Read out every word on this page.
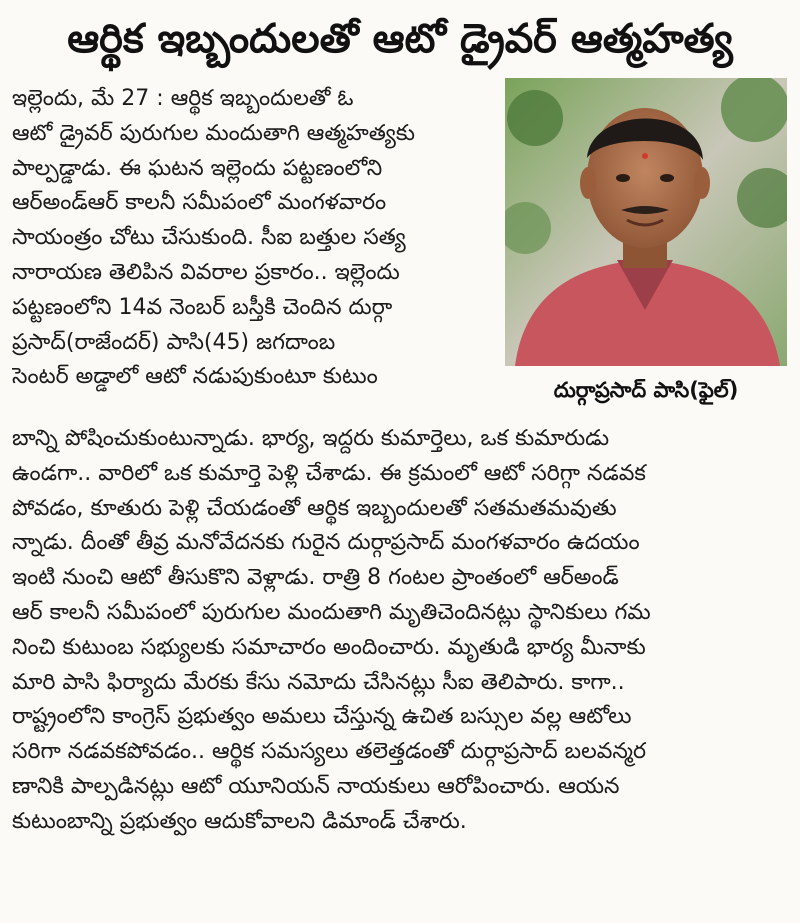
ఆర్థిక ఇబ్బందులతో ఆటో డ్రైవర్ ఆత్మహత్య
ఇల్లెందు, మే 27 : ఆర్థిక ఇబ్బందులతో ఓ
ఆటో డ్రైవర్ పురుగుల మందుతాగి ఆత్మహత్యకు
పాల్పడ్డాడు. ఈ ఘటన ఇల్లెందు పట్టణంలోని
ఆర్అండ్ఆర్ కాలనీ సమీపంలో మంగళవారం
సాయంత్రం చోటు చేసుకుంది. సీఐ బత్తుల సత్య
నారాయణ తెలిపిన వివరాల ప్రకారం.. ఇల్లెందు
పట్టణంలోని 14వ నెంబర్ బస్తీకి చెందిన దుర్గా
ప్రసాద్(రాజేందర్) పాసి(45) జగదాంబ
సెంటర్ అడ్డాలో ఆటో నడుపుకుంటూ కుటుం
దుర్గాప్రసాద్ పాసి(ఫైల్)
బాన్ని పోషించుకుంటున్నాడు. భార్య, ఇద్దరు కుమార్తెలు, ఒక కుమారుడు
ఉండగా.. వారిలో ఒక కుమార్తె పెళ్లి చేశాడు. ఈ క్రమంలో ఆటో సరిగ్గా నడవక
పోవడం, కూతురు పెళ్లి చేయడంతో ఆర్థిక ఇబ్బందులతో సతమతమవుతు
న్నాడు. దీంతో తీవ్ర మనోవేదనకు గురైన దుర్గాప్రసాద్ మంగళవారం ఉదయం
ఇంటి నుంచి ఆటో తీసుకొని వెళ్లాడు. రాత్రి 8 గంటల ప్రాంతంలో ఆర్అండ్
ఆర్ కాలనీ సమీపంలో పురుగుల మందుతాగి మృతిచెందినట్లు స్థానికులు గమ
నించి కుటుంబ సభ్యులకు సమాచారం అందించారు. మృతుడి భార్య మీనాకు
మారి పాసి ఫిర్యాదు మేరకు కేసు నమోదు చేసినట్లు సీఐ తెలిపారు. కాగా..
రాష్ట్రంలోని కాంగ్రెస్ ప్రభుత్వం అమలు చేస్తున్న ఉచిత బస్సుల వల్ల ఆటోలు
సరిగా నడవకపోవడం.. ఆర్థిక సమస్యలు తలెత్తడంతో దుర్గాప్రసాద్ బలవన్మర
ణానికి పాల్పడినట్లు ఆటో యూనియన్ నాయకులు ఆరోపించారు. ఆయన
కుటుంబాన్ని ప్రభుత్వం ఆదుకోవాలని డిమాండ్ చేశారు.
